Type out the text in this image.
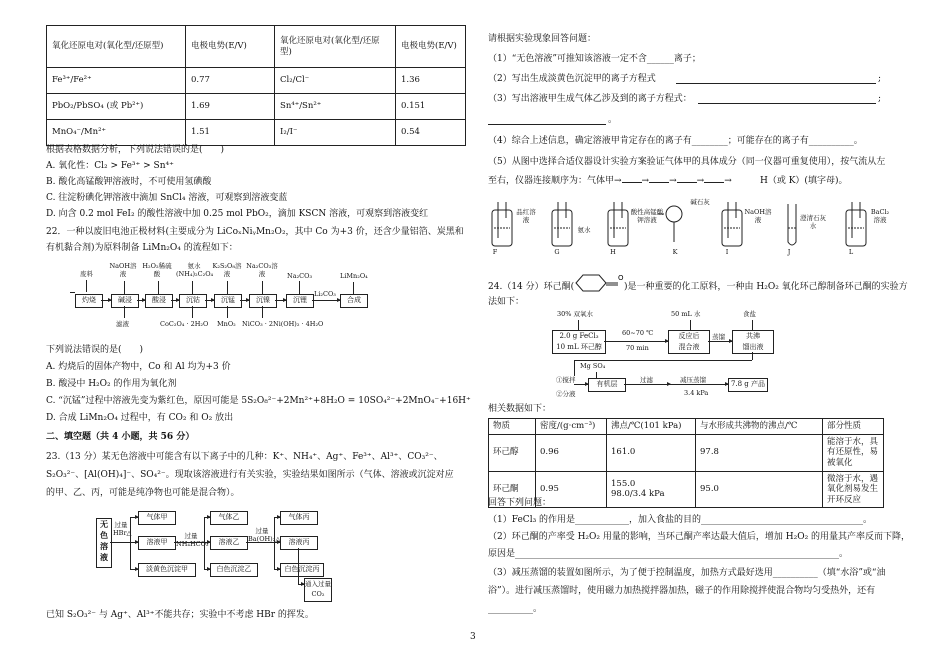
氧化还原电对(氧化型/还原型)	电极电势(E/V)	氧化还原电对(氧化型/还原型)	电极电势(E/V)
Fe³⁺/Fe²⁺	0.77	Cl₂/Cl⁻	1.36
PbO₂/PbSO₄ (或 Pb²⁺)	1.69	Sn⁴⁺/Sn²⁺	0.151
MnO₄⁻/Mn²⁺	1.51	I₂/I⁻	0.54
根据表格数据分析，下列说法错误的是(　　)
A. 氧化性：Cl₂ > Fe³⁺ > Sn⁴⁺
B. 酸化高锰酸钾溶液时，不可使用氢碘酸
C. 往淀粉碘化钾溶液中滴加 SnCl₄ 溶液，可观察到溶液变蓝
D. 向含 0.2 mol FeI₂ 的酸性溶液中加 0.25 mol PbO₂，滴加 KSCN 溶液，可观察到溶液变红
22．一种以废旧电池正极材料(主要成分为 LiCoₓNiᵧMn₂O₂，其中 Co 为+3 价，还含少量铝箔、炭黑和
有机黏合剂)为原料制备 LiMn₂O₄ 的流程如下：
废料
灼烧	碱浸	酸浸	沉钴	沉锰	沉镍	沉锂	合成
NaOH溶液
H₂O₂稀硫酸
氨水(NH₄)₂C₂O₄
K₂S₂O₈溶液
Na₂CO₃溶液	Na₂CO₃
Li₂CO₃
LiMn₂O₄
滤液	CoC₂O₄ · 2H₂O MnO₂ NiCO₃ · 2Ni(OH)₂ · 4H₂O
下列说法错误的是(　　)
A. 灼烧后的固体产物中，Co 和 Al 均为+3 价
B. 酸浸中 H₂O₂ 的作用为氧化剂
C. “沉锰”过程中溶液先变为紫红色，原因可能是 5S₂O₈²⁻+2Mn²⁺+8H₂O = 10SO₄²⁻+2MnO₄⁻+16H⁺
D. 合成 LiMn₂O₄ 过程中，有 CO₂ 和 O₂ 放出
二、填空题（共 4 小题，共 56 分）
23.（13 分）某无色溶液中可能含有以下离子中的几种：K⁺、NH₄⁺、Ag⁺、Fe³⁺、Al³⁺、CO₃²⁻、
S₂O₃²⁻、[Al(OH)₄]⁻、SO₄²⁻。现取该溶液进行有关实验，实验结果如图所示（气体、溶液或沉淀对应
的甲、乙、丙，可能是纯净物也可能是混合物）。
无色溶液
过量HBr△
气体甲
溶液甲
淡黄色沉淀甲
过量NH₄HCO₃
气体乙
溶液乙
白色沉淀乙
过量Ba(OH)₂△
气体丙
溶液丙
白色沉淀丙
通入过量CO₂
已知 S₂O₃²⁻ 与 Ag⁺、Al³⁺不能共存；实验中不考虑 HBr 的挥发。
请根据实验现象回答问题：
（1）“无色溶液”可推知该溶液一定不含______离子；
（2）写出生成淡黄色沉淀甲的离子方程式	;
（3）写出溶液甲生成气体乙涉及到的离子方程式：	;
。
（4）综合上述信息，确定溶液甲肯定存在的离子有________；可能存在的离子有__________。
（5）从图中选择合适仪器设计实验方案验证气体甲的具体成分（同一仪器可重复使用），按气流从左
至右，仪器连接顺序为：气体甲 → → → → →	H（或 K）(填字母)。
品红溶液
氨水
酸性高锰酸钾溶液
碱石灰
NaOH溶液	澄清石灰水
BaCl₂溶液
F	G	H	K	I	J	L
24.（14 分）环己酮(
O
)是一种重要的化工原料，一种由 H₂O₂ 氧化环己醇制备环己酮的实验方
法如下：
30% 双氧水	50 mL 水	食盐
2.0 g FeCl₃
10 mL 环己醇
60~70 ℃
70 min
反应后
混合液
蒸馏	共沸
馏出液
Mg SO₄
①搅拌
②分液
有机层	过滤	减压蒸馏
3.4 kPa
7.8 g 产品
相关数据如下：
物质	密度/(g·cm⁻³)	沸点/℃(101 kPa)	与水形成共沸物的沸点/℃	部分性质
环己醇	0.96	161.0	97.8	能溶于水，具有还原性，易被氧化
环己酮	0.95	155.0
98.0/3.4 kPa	95.0	微溶于水，遇氧化剂易发生开环反应
回答下列问题：
（1）FeCl₃ 的作用是____________，加入食盐的目的____________________________________。
（2）环己酮的产率受 H₂O₂ 用量的影响，当环己酮产率达最大值后，增加 H₂O₂ 的用量其产率反而下降，
原因是________________________________________________________________________。
（3）减压蒸馏的装置如图所示，为了便于控制温度，加热方式最好选用__________（填“水浴”或“油
浴”）。进行减压蒸馏时，使用磁力加热搅拌器加热，磁子的作用除搅拌使混合物均匀受热外，还有
__________。
3
